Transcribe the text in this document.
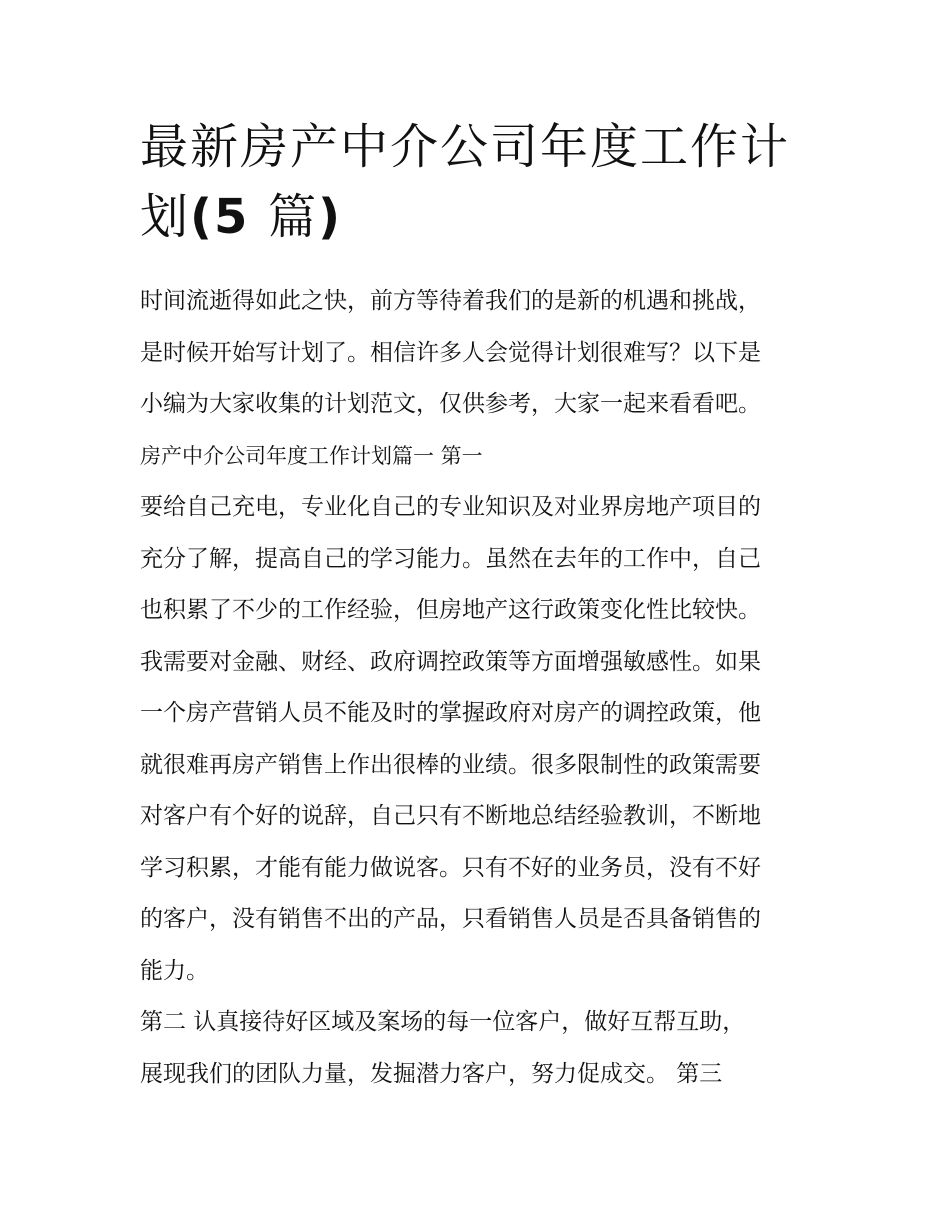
最新房产中介公司年度工作计
划(5 篇)
时间流逝得如此之快，前方等待着我们的是新的机遇和挑战，
是时候开始写计划了。相信许多人会觉得计划很难写？以下是
小编为大家收集的计划范文，仅供参考，大家一起来看看吧。
房产中介公司年度工作计划篇一 第一
要给自己充电，专业化自己的专业知识及对业界房地产项目的
充分了解，提高自己的学习能力。虽然在去年的工作中，自己
也积累了不少的工作经验，但房地产这行政策变化性比较快。
我需要对金融、财经、政府调控政策等方面增强敏感性。如果
一个房产营销人员不能及时的掌握政府对房产的调控政策，他
就很难再房产销售上作出很棒的业绩。很多限制性的政策需要
对客户有个好的说辞，自己只有不断地总结经验教训，不断地
学习积累，才能有能力做说客。只有不好的业务员，没有不好
的客户，没有销售不出的产品，只看销售人员是否具备销售的
能力。
第二 认真接待好区域及案场的每一位客户，做好互帮互助，
展现我们的团队力量，发掘潜力客户，努力促成交。 第三
